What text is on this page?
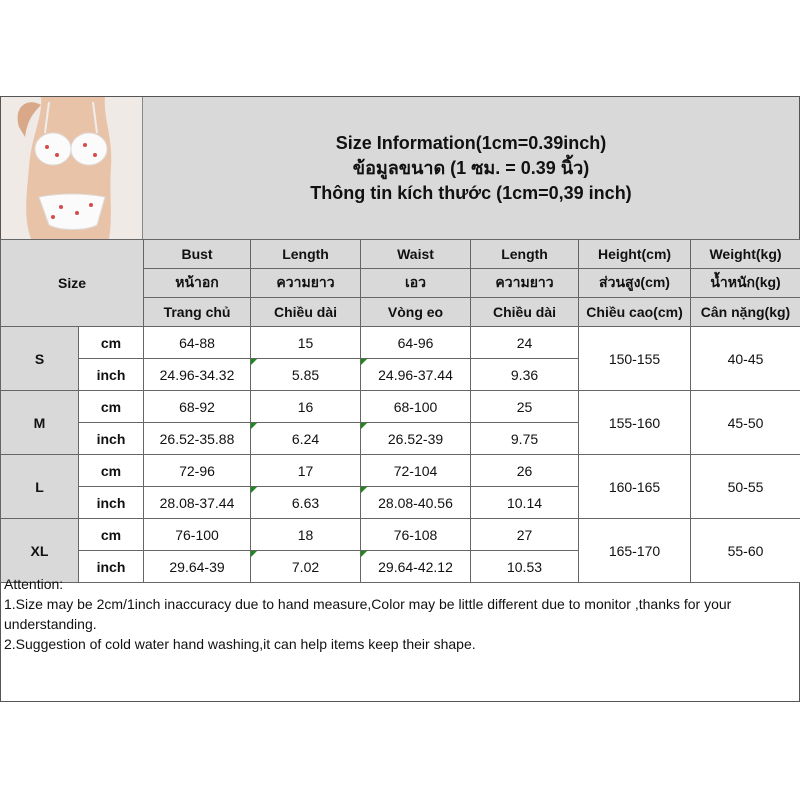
Size Information(1cm=0.39inch)
ข้อมูลขนาด (1 ซม. = 0.39 นิ้ว)
Thông tin kích thước (1cm=0,39 inch)
Size		Bust	Length	Waist	Length	Height(cm)	Weight(kg)
		หน้าอก	ความยาว	เอว	ความยาว	ส่วนสูง(cm)	น้ำหนัก(kg)
		Trang chủ	Chiều dài	Vòng eo	Chiều dài	Chiều cao(cm)	Cân nặng(kg)
S	cm	64-88	15	64-96	24	150-155	40-45
	inch	24.96-34.32	5.85	24.96-37.44	9.36		
M	cm	68-92	16	68-100	25	155-160	45-50
	inch	26.52-35.88	6.24	26.52-39	9.75		
L	cm	72-96	17	72-104	26	160-165	50-55
	inch	28.08-37.44	6.63	28.08-40.56	10.14		
XL	cm	76-100	18	76-108	27	165-170	55-60
	inch	29.64-39	7.02	29.64-42.12	10.53		
Attention:
1.Size may be 2cm/1inch inaccuracy due to hand measure,Color may be little different due to monitor ,thanks for your understanding.
2.Suggestion of cold water hand washing,it can help items keep their shape.
